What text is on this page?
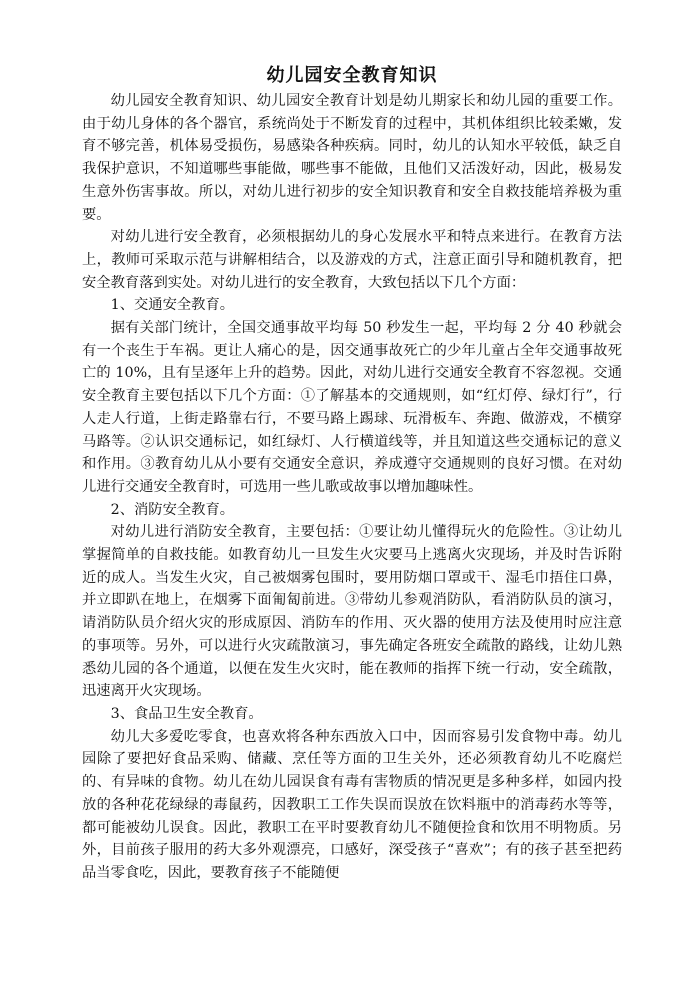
幼儿园安全教育知识

幼儿园安全教育知识、幼儿园安全教育计划是幼儿期家长和幼儿园的重要工作。由于幼儿身体的各个器官，系统尚处于不断发育的过程中，其机体组织比较柔嫩，发育不够完善，机体易受损伤，易感染各种疾病。同时，幼儿的认知水平较低，缺乏自我保护意识，不知道哪些事能做，哪些事不能做，且他们又活泼好动，因此，极易发生意外伤害事故。所以，对幼儿进行初步的安全知识教育和安全自救技能培养极为重要。

对幼儿进行安全教育，必须根据幼儿的身心发展水平和特点来进行。在教育方法上，教师可采取示范与讲解相结合，以及游戏的方式，注意正面引导和随机教育，把安全教育落到实处。对幼儿进行的安全教育，大致包括以下几个方面：

1、交通安全教育。

据有关部门统计，全国交通事故平均每 50 秒发生一起，平均每 2 分 40 秒就会有一个丧生于车祸。更让人痛心的是，因交通事故死亡的少年儿童占全年交通事故死亡的 10%，且有呈逐年上升的趋势。因此，对幼儿进行交通安全教育不容忽视。交通安全教育主要包括以下几个方面：①了解基本的交通规则，如“红灯停、绿灯行”，行人走人行道，上街走路靠右行，不要马路上踢球、玩滑板车、奔跑、做游戏，不横穿马路等。②认识交通标记，如红绿灯、人行横道线等，并且知道这些交通标记的意义和作用。③教育幼儿从小要有交通安全意识，养成遵守交通规则的良好习惯。在对幼儿进行交通安全教育时，可选用一些儿歌或故事以增加趣味性。

2、消防安全教育。

对幼儿进行消防安全教育，主要包括：①要让幼儿懂得玩火的危险性。③让幼儿掌握简单的自救技能。如教育幼儿一旦发生火灾要马上逃离火灾现场，并及时告诉附近的成人。当发生火灾，自己被烟雾包围时，要用防烟口罩或干、湿毛巾捂住口鼻，并立即趴在地上，在烟雾下面匍匐前进。③带幼儿参观消防队，看消防队员的演习，请消防队员介绍火灾的形成原因、消防车的作用、灭火器的使用方法及使用时应注意的事项等。另外，可以进行火灾疏散演习，事先确定各班安全疏散的路线，让幼儿熟悉幼儿园的各个通道，以便在发生火灾时，能在教师的指挥下统一行动，安全疏散，迅速离开火灾现场。

3、食品卫生安全教育。

幼儿大多爱吃零食，也喜欢将各种东西放入口中，因而容易引发食物中毒。幼儿园除了要把好食品采购、储藏、烹任等方面的卫生关外，还必须教育幼儿不吃腐烂的、有异味的食物。幼儿在幼儿园误食有毒有害物质的情况更是多种多样，如园内投放的各种花花绿绿的毒鼠药，因教职工工作失误而误放在饮料瓶中的消毒药水等等，都可能被幼儿误食。因此，教职工在平时要教育幼儿不随便捡食和饮用不明物质。另外，目前孩子服用的药大多外观漂亮，口感好，深受孩子“喜欢”；有的孩子甚至把药品当零食吃，因此，要教育孩子不能随便
